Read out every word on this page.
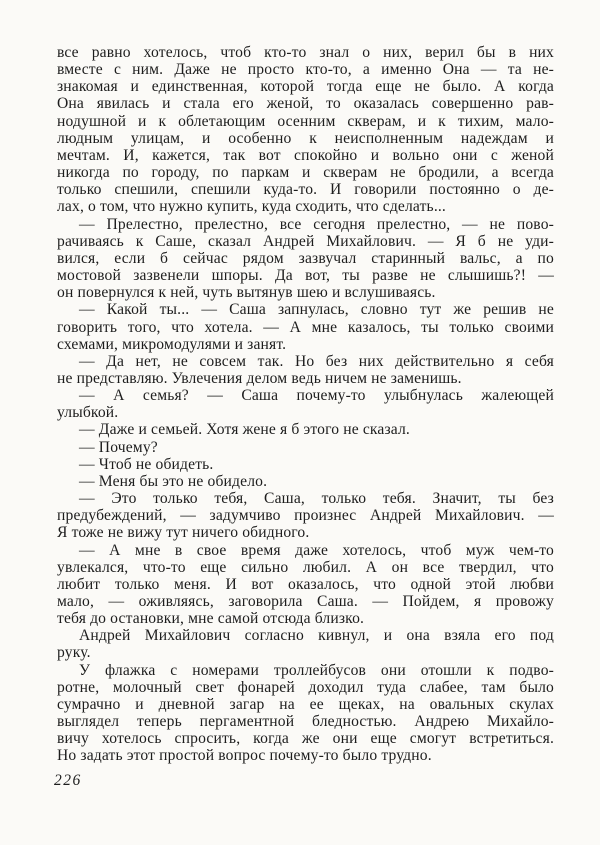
все равно хотелось, чтоб кто-то знал о них, верил бы в них
вместе с ним. Даже не просто кто-то, а именно Она — та не-
знакомая и единственная, которой тогда еще не было. А когда
Она явилась и стала его женой, то оказалась совершенно рав-
нодушной и к облетающим осенним скверам, и к тихим, мало-
людным улицам, и особенно к неисполненным надеждам и
мечтам. И, кажется, так вот спокойно и вольно они с женой
никогда по городу, по паркам и скверам не бродили, а всегда
только спешили, спешили куда-то. И говорили постоянно о де-
лах, о том, что нужно купить, куда сходить, что сделать...

— Прелестно, прелестно, все сегодня прелестно, — не пово-
рачиваясь к Саше, сказал Андрей Михайлович. — Я б не уди-
вился, если б сейчас рядом зазвучал старинный вальс, а по
мостовой зазвенели шпоры. Да вот, ты разве не слышишь?! —
он повернулся к ней, чуть вытянув шею и вслушиваясь.

— Какой ты... — Саша запнулась, словно тут же решив не
говорить того, что хотела. — А мне казалось, ты только своими
схемами, микромодулями и занят.

— Да нет, не совсем так. Но без них действительно я себя
не представляю. Увлечения делом ведь ничем не заменишь.

— А семья? — Саша почему-то улыбнулась жалеющей
улыбкой.

— Даже и семьей. Хотя жене я б этого не сказал.

— Почему?

— Чтоб не обидеть.

— Меня бы это не обидело.

— Это только тебя, Саша, только тебя. Значит, ты без
предубеждений, — задумчиво произнес Андрей Михайлович. —
Я тоже не вижу тут ничего обидного.

— А мне в свое время даже хотелось, чтоб муж чем-то
увлекался, что-то еще сильно любил. А он все твердил, что
любит только меня. И вот оказалось, что одной этой любви
мало, — оживляясь, заговорила Саша. — Пойдем, я провожу
тебя до остановки, мне самой отсюда близко.

Андрей Михайлович согласно кивнул, и она взяла его под
руку.

У флажка с номерами троллейбусов они отошли к подво-
ротне, молочный свет фонарей доходил туда слабее, там было
сумрачно и дневной загар на ее щеках, на овальных скулах
выглядел теперь пергаментной бледностью. Андрею Михайло-
вичу хотелось спросить, когда же они еще смогут встретиться.
Но задать этот простой вопрос почему-то было трудно.

226
